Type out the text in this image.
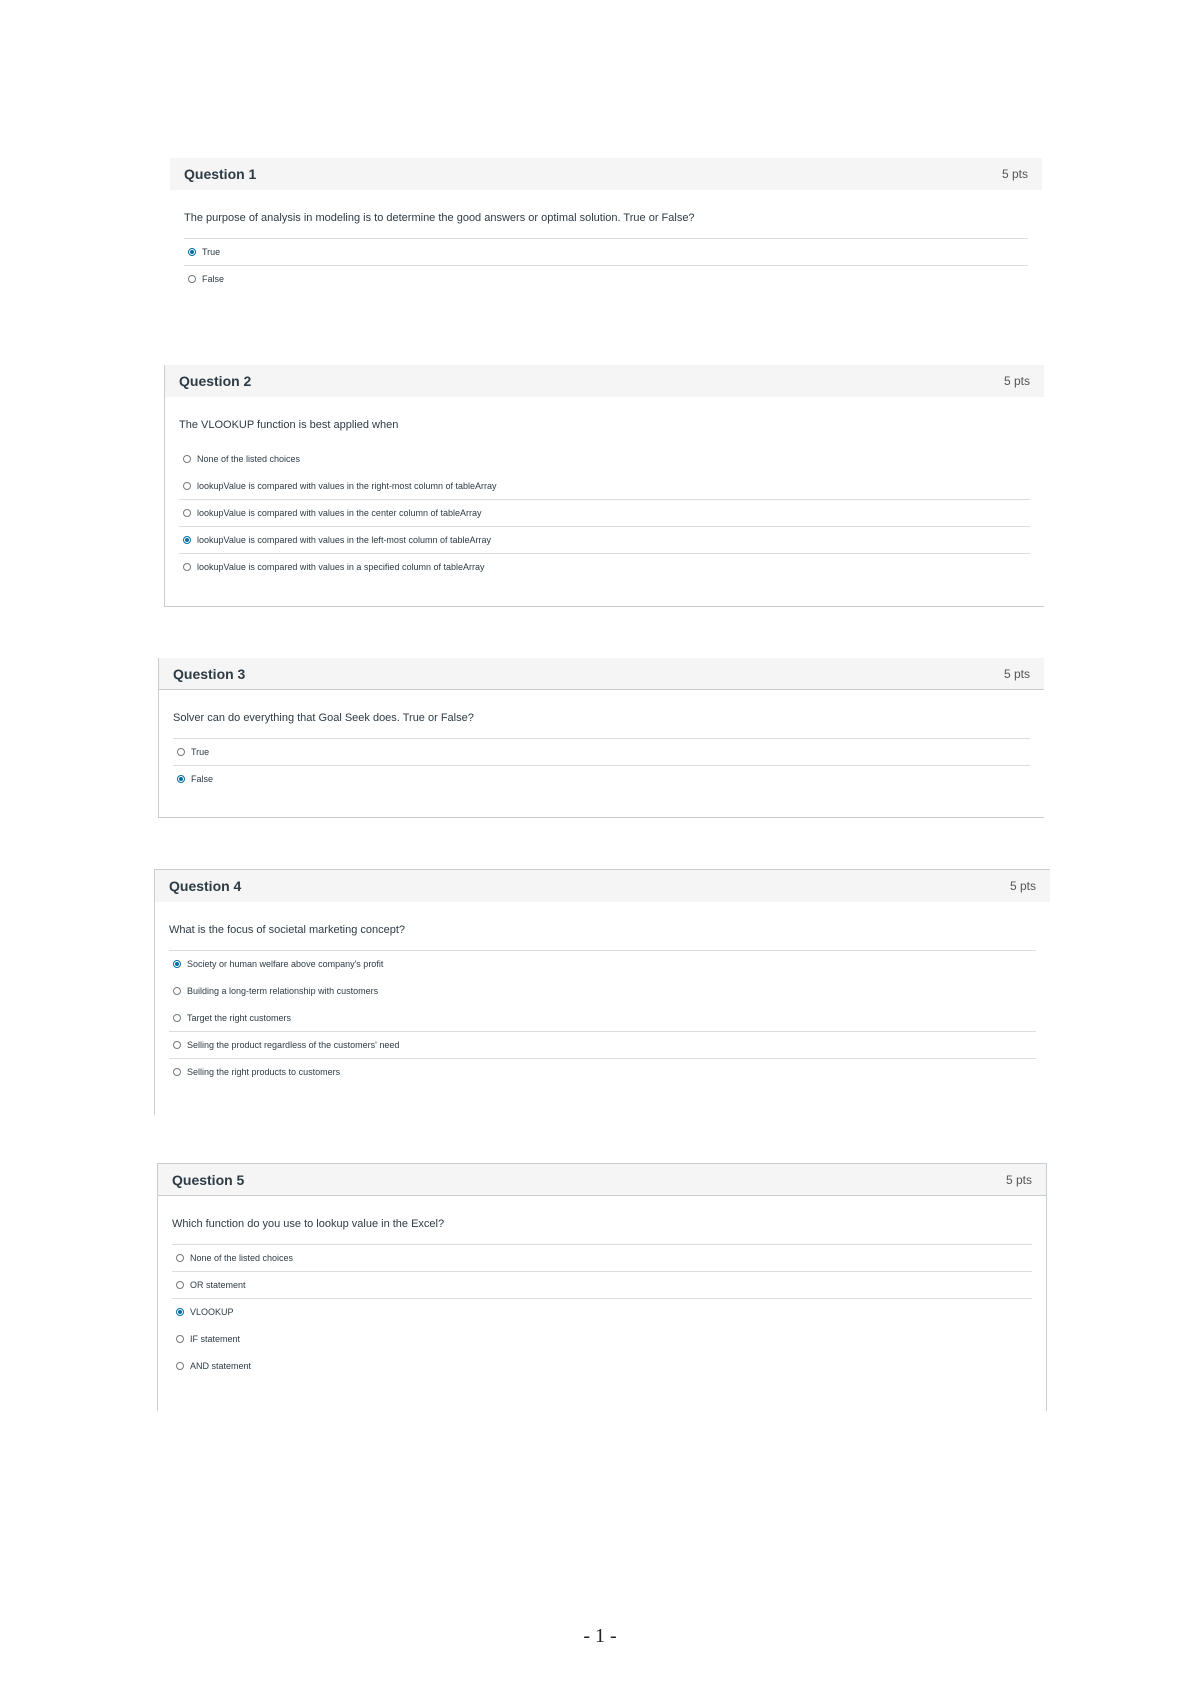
Question 1	5 pts
The purpose of analysis in modeling is to determine the good answers or optimal solution. True or False?
True
False
Question 2	5 pts
The VLOOKUP function is best applied when
None of the listed choices
lookupValue is compared with values in the right-most column of tableArray
lookupValue is compared with values in the center column of tableArray
lookupValue is compared with values in the left-most column of tableArray
lookupValue is compared with values in a specified column of tableArray
Question 3	5 pts
Solver can do everything that Goal Seek does. True or False?
True
False
Question 4	5 pts
What is the focus of societal marketing concept?
Society or human welfare above company's profit
Building a long-term relationship with customers
Target the right customers
Selling the product regardless of the customers' need
Selling the right products to customers
Question 5	5 pts
Which function do you use to lookup value in the Excel?
None of the listed choices
OR statement
VLOOKUP
IF statement
AND statement
- 1 -
